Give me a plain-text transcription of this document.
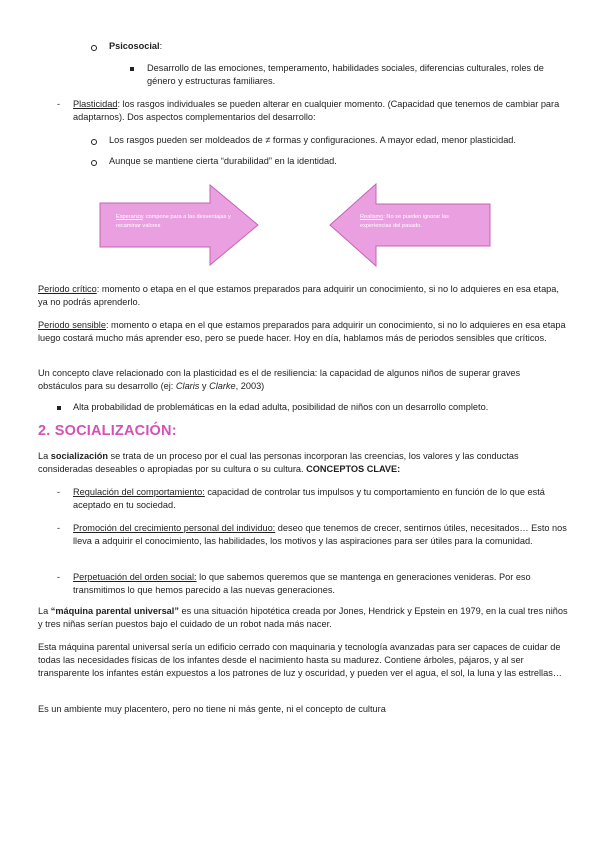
Psicosocial:

Desarrollo de las emociones, temperamento, habilidades sociales, diferencias culturales, roles de género y estructuras familiares.

- Plasticidad: los rasgos individuales se pueden alterar en cualquier momento. (Capacidad que tenemos de cambiar para adaptarnos). Dos aspectos complementarios del desarrollo:

Los rasgos pueden ser moldeados de ≠ formas y configuraciones. A mayor edad, menor plasticidad.

Aunque se mantiene cierta “durabilidad” en la identidad.

Esperanza: compone para a las desventajas y recaminar valores

Realismo: No se pueden ignorar las experiencias del pasado.

Periodo crítico: momento o etapa en el que estamos preparados para adquirir un conocimiento, si no lo adquieres en esa etapa, ya no podrás aprenderlo.

Periodo sensible: momento o etapa en el que estamos preparados para adquirir un conocimiento, si no lo adquieres en esa etapa luego costará mucho más aprender eso, pero se puede hacer. Hoy en día, hablamos más de periodos sensibles que críticos.

Un concepto clave relacionado con la plasticidad es el de resiliencia: la capacidad de algunos niños de superar graves obstáculos para su desarrollo (ej: Claris y Clarke, 2003)

Alta probabilidad de problemáticas en la edad adulta, posibilidad de niños con un desarrollo completo.

2. SOCIALIZACIÓN:

La socialización se trata de un proceso por el cual las personas incorporan las creencias, los valores y las conductas consideradas deseables o apropiadas por su cultura o su cultura. CONCEPTOS CLAVE:

- Regulación del comportamiento: capacidad de controlar tus impulsos y tu comportamiento en función de lo que está aceptado en tu sociedad.

- Promoción del crecimiento personal del individuo: deseo que tenemos de crecer, sentirnos útiles, necesitados… Esto nos lleva a adquirir el conocimiento, las habilidades, los motivos y las aspiraciones para ser útiles para la comunidad.

- Perpetuación del orden social: lo que sabemos queremos que se mantenga en generaciones venideras. Por eso transmitimos lo que hemos parecido a las nuevas generaciones.

La “máquina parental universal” es una situación hipotética creada por Jones, Hendrick y Epstein en 1979, en la cual tres niños y tres niñas serían puestos bajo el cuidado de un robot nada más nacer.

Esta máquina parental universal sería un edificio cerrado con maquinaria y tecnología avanzadas para ser capaces de cuidar de todas las necesidades físicas de los infantes desde el nacimiento hasta su madurez. Contiene árboles, pájaros, y al ser transparente los infantes están expuestos a los patrones de luz y oscuridad, y pueden ver el agua, el sol, la luna y las estrellas…

Es un ambiente muy placentero, pero no tiene ni más gente, ni el concepto de cultura
